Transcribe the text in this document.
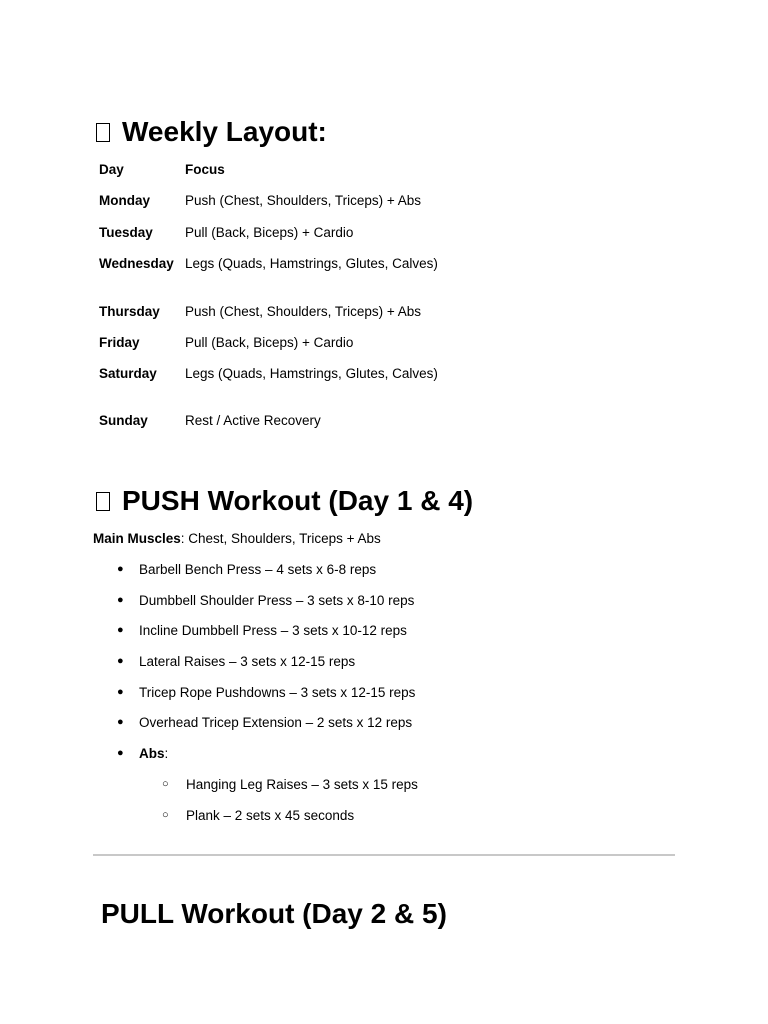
Weekly Layout:
Day	Focus
Monday	Push (Chest, Shoulders, Triceps) + Abs
Tuesday	Pull (Back, Biceps) + Cardio
Wednesday Legs (Quads, Hamstrings, Glutes, Calves)
Thursday	Push (Chest, Shoulders, Triceps) + Abs
Friday	Pull (Back, Biceps) + Cardio
Saturday	Legs (Quads, Hamstrings, Glutes, Calves)
Sunday	Rest / Active Recovery
PUSH Workout (Day 1 & 4)
Main Muscles: Chest, Shoulders, Triceps + Abs
● Barbell Bench Press – 4 sets x 6-8 reps
● Dumbbell Shoulder Press – 3 sets x 8-10 reps
● Incline Dumbbell Press – 3 sets x 10-12 reps
● Lateral Raises – 3 sets x 12-15 reps
● Tricep Rope Pushdowns – 3 sets x 12-15 reps
● Overhead Tricep Extension – 2 sets x 12 reps
● Abs:
○ Hanging Leg Raises – 3 sets x 15 reps
○ Plank – 2 sets x 45 seconds
PULL Workout (Day 2 & 5)
